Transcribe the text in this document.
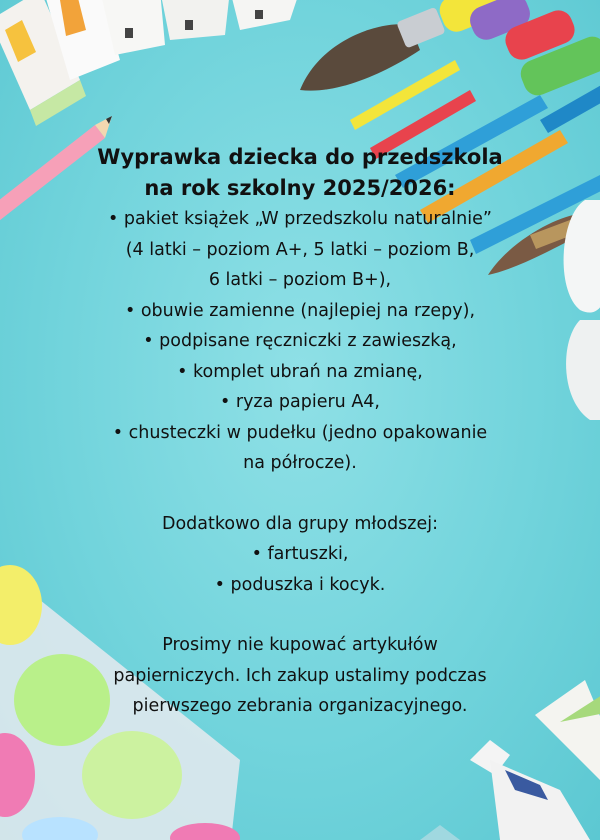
Wyprawka dziecka do przedszkola

na rok szkolny 2025/2026:

• pakiet książek „W przedszkolu naturalnie”

(4 latki – poziom A+, 5 latki – poziom B,

6 latki – poziom B+),

• obuwie zamienne (najlepiej na rzepy),

• podpisane ręczniczki z zawieszką,

• komplet ubrań na zmianę,

• ryza papieru A4,

• chusteczki w pudełku (jedno opakowanie

na półrocze).

Dodatkowo dla grupy młodszej:

• fartuszki,

• poduszka i kocyk.

Prosimy nie kupować artykułów

papierniczych. Ich zakup ustalimy podczas

pierwszego zebrania organizacyjnego.
